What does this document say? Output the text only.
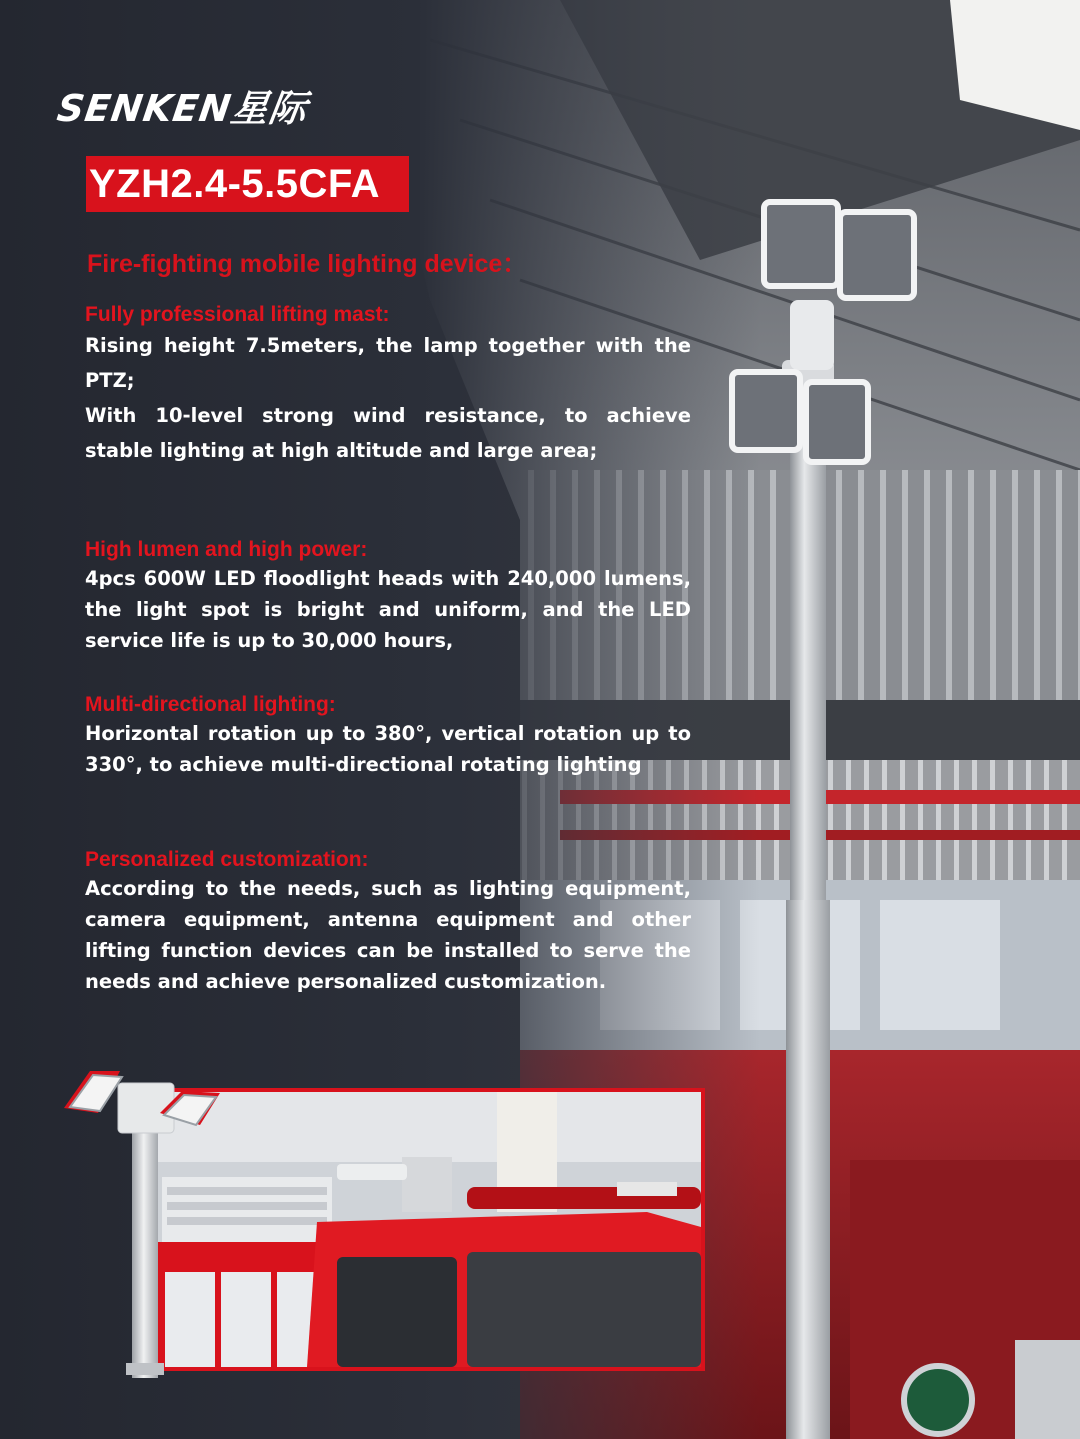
SENKEN星际
YZH2.4-5.5CFA
Fire-fighting mobile lighting device：
Fully professional lifting mast:

Rising height 7.5meters, the lamp together with the PTZ;

With 10-level strong wind resistance, to achieve stable lighting at high altitude and large area;

High lumen and high power:

4pcs 600W LED floodlight heads with 240,000 lumens, the light spot is bright and uniform, and the LED service life is up to 30,000 hours,

Multi-directional lighting:

Horizontal rotation up to 380°, vertical rotation up to 330°, to achieve multi-directional rotating lighting

Personalized customization:

According to the needs, such as lighting equipment, camera equipment, antenna equipment and other lifting function devices can be installed to serve the needs and achieve personalized customization.
